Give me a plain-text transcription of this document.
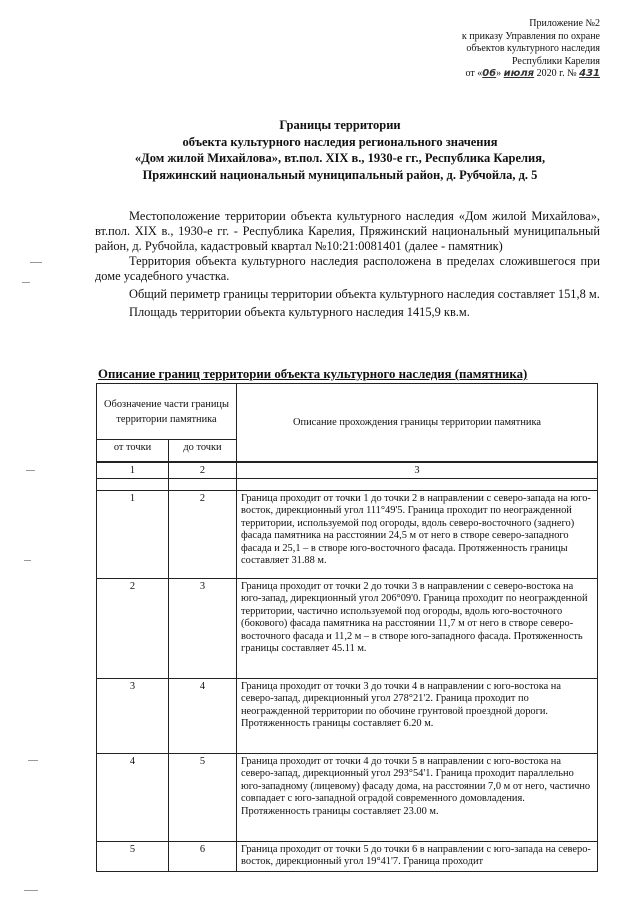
Приложение №2
к приказу Управления по охране
объектов культурного наследия
Республики Карелия
от «06» июля 2020 г. № 431
Границы территории
объекта культурного наследия регионального значения
«Дом жилой Михайлова», вт.пол. XIX в., 1930-е гг., Республика Карелия,
Пряжинский национальный муниципальный район, д. Рубчойла, д. 5

Местоположение территории объекта культурного наследия «Дом жилой Михайлова», вт.пол. XIX в., 1930-е гг. - Республика Карелия, Пряжинский национальный муниципальный район, д. Рубчойла, кадастровый квартал №10:21:0081401 (далее - памятник)

Территория объекта культурного наследия расположена в пределах сложившегося при доме усадебного участка.

Общий периметр границы территории объекта культурного наследия составляет 151,8 м.

Площадь территории объекта культурного наследия 1415,9 кв.м.

Описание границ территории объекта культурного наследия (памятника)
Обозначение части границы территории памятника		Описание прохождения границы территории памятника
от точки	до точки	
1	2	3

1	2	Граница проходит от точки 1 до точки 2 в направлении с северо-запада на юго-восток, дирекционный угол 111°49'5. Граница проходит по неогражденной территории, используемой под огороды, вдоль северо-восточного (заднего) фасада памятника на расстоянии 24,5 м от него в створе северо-западного фасада и 25,1 – в створе юго-восточного фасада. Протяженность границы составляет 31.88 м.
2	3	Граница проходит от точки 2 до точки 3 в направлении с северо-востока на юго-запад, дирекционный угол 206°09'0. Граница проходит по неогражденной территории, частично используемой под огороды, вдоль юго-восточного (бокового) фасада памятника на расстоянии 11,7 м от него в створе северо-восточного фасада и 11,2 м – в створе юго-западного фасада. Протяженность границы составляет 45.11 м.
3	4	Граница проходит от точки 3 до точки 4 в направлении с юго-востока на северо-запад, дирекционный угол 278°21'2. Граница проходит по неогражденной территории по обочине грунтовой проездной дороги. Протяженность границы составляет 6.20 м.
4	5	Граница проходит от точки 4 до точки 5 в направлении с юго-востока на северо-запад, дирекционный угол 293°54'1. Граница проходит параллельно юго-западному (лицевому) фасаду дома, на расстоянии 7,0 м от него, частично совпадает с юго-западной оградой современного домовладения. Протяженность границы составляет 23.00 м.
5	6	Граница проходит от точки 5 до точки 6 в направлении с юго-запада на северо-восток, дирекционный угол 19°41'7. Граница проходит
